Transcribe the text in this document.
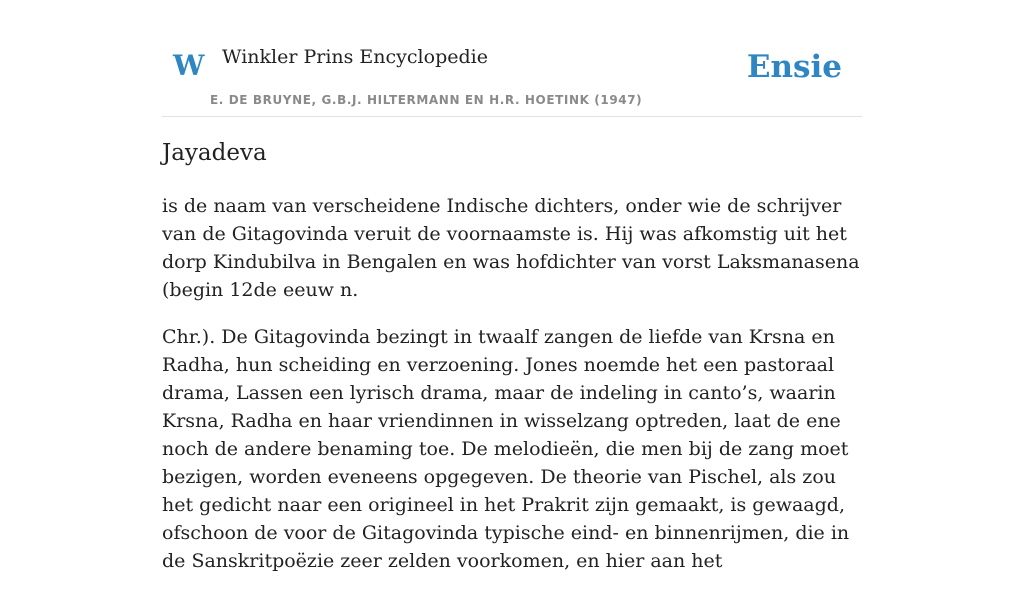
W Winkler Prins Encyclopedie
E. DE BRUYNE, G.B.J. HILTERMANN EN H.R. HOETINK (1947)
Ensie
Jayadeva

is de naam van verscheidene Indische dichters, onder wie de schrijver van de Gitagovinda veruit de voornaamste is. Hij was afkomstig uit het dorp Kindubilva in Bengalen en was hofdichter van vorst Laksmanasena (begin 12de eeuw n.

Chr.). De Gitagovinda bezingt in twaalf zangen de liefde van Krsna en Radha, hun scheiding en verzoening. Jones noemde het een pastoraal drama, Lassen een lyrisch drama, maar de indeling in canto’s, waarin Krsna, Radha en haar vriendinnen in wisselzang optreden, laat de ene noch de andere benaming toe. De melodieën, die men bij de zang moet bezigen, worden eveneens opgegeven. De theorie van Pischel, als zou het gedicht naar een origineel in het Prakrit zijn gemaakt, is gewaagd, ofschoon de voor de Gitagovinda typische eind- en binnenrijmen, die in de Sanskritpoëzie zeer zelden voorkomen, en hier aan het
